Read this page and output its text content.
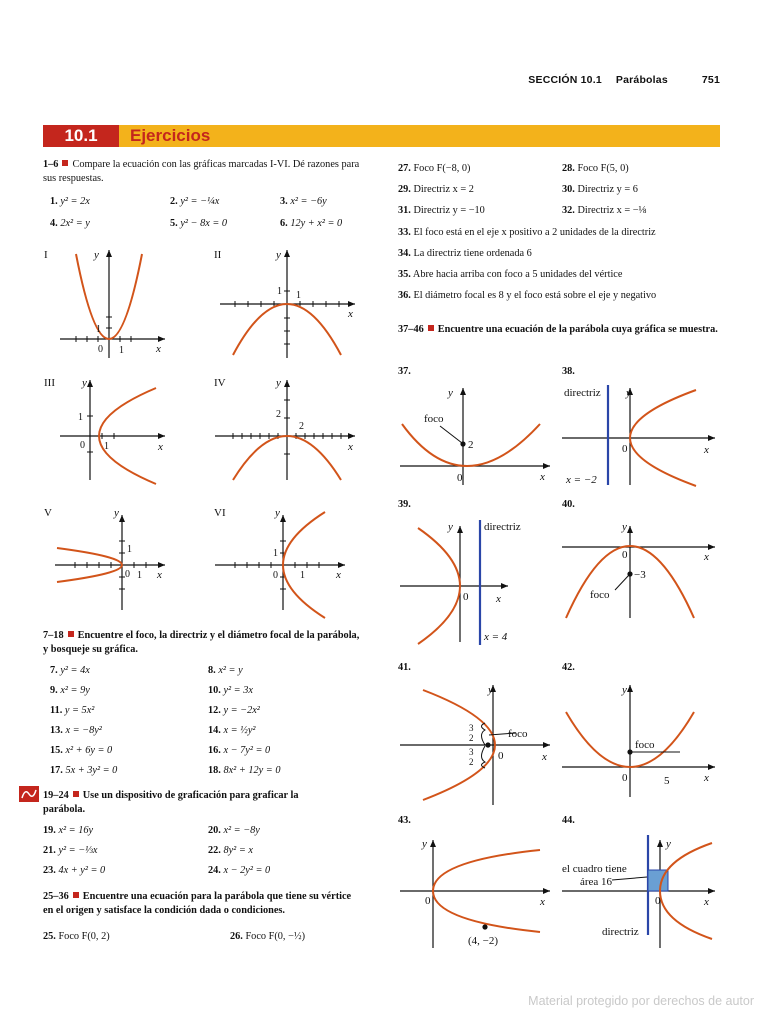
SECCIÓN 10.1 Parábolas	751
10.1	Ejercicios
1–6 Compare la ecuación con las gráficas marcadas I-VI. Dé razones para sus respuestas.
1. y² = 2x	2. y² = −¼x	3. x² = −6y
4. 2x² = y	5. y² − 8x = 0	6. 12y + x² = 0
I	y
x
1
0 1
II	y
x
1 1
III y
x
1
0 1
IV	y
x
2
2
V	y
x
1
0 1
VI	y
x
1
0 1
7–18 Encuentre el foco, la directriz y el diámetro focal de la parábola, y bosqueje su gráfica.
7. y² = 4x	8. x² = y
9. x² = 9y	10. y² = 3x
11. y = 5x²	12. y = −2x²
13. x = −8y²	14. x = ½y²
15. x² + 6y = 0	16. x − 7y² = 0
17. 5x + 3y² = 0	18. 8x² + 12y = 0
19–24 Use un dispositivo de graficación para graficar la parábola.
19. x² = 16y	20. x² = −8y
21. y² = −⅓x	22. 8y² = x
23. 4x + y² = 0	24. x − 2y² = 0
25–36 Encuentre una ecuación para la parábola que tiene su vértice en el origen y satisface la condición dada o condiciones.
25. Foco F(0, 2)	26. Foco F(0, −½)
27. Foco F(−8, 0)	28. Foco F(5, 0)
29. Directriz x = 2	30. Directriz y = 6
31. Directriz y = −10	32. Directriz x = −⅛
33. El foco está en el eje x positivo a 2 unidades de la directriz
34. La directriz tiene ordenada 6
35. Abre hacia arriba con foco a 5 unidades del vértice
36. El diámetro focal es 8 y el foco está sobre el eje y negativo
37–46 Encuentre una ecuación de la parábola cuya gráfica se muestra.
37.	38.
39.	40.
41.	42.
43.	44.
y
x
foco
2
0
directriz y
x
0
x = −2
y	directriz
x
0
x = 4
y
x
0
−3
foco
y
x
0
foco
3
2
3
2
y
x
foco
0	5
y
x
0
(4, −2)
y
x
0
el cuadro tiene
área 16
directriz
Material protegido por derechos de autor
